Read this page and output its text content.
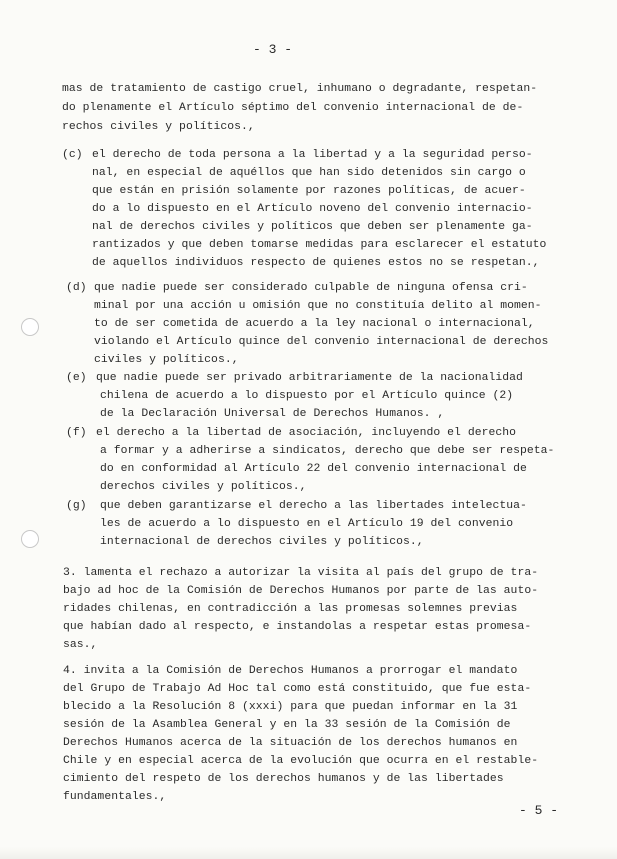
- 3 -
mas de tratamiento de castigo cruel, inhumano o degradante, respetan-
do plenamente el Artículo séptimo del convenio internacional de de-
rechos civiles y políticos.,
(c) el derecho de toda persona a la libertad y a la seguridad perso-
nal, en especial de aquéllos que han sido detenidos sin cargo o
que están en prisión solamente por razones políticas, de acuer-
do a lo dispuesto en el Artículo noveno del convenio internacio-
nal de derechos civiles y políticos que deben ser plenamente ga-
rantizados y que deben tomarse medidas para esclarecer el estatuto
de aquellos individuos respecto de quienes estos no se respetan.,
(d) que nadie puede ser considerado culpable de ninguna ofensa cri-
minal por una acción u omisión que no constituía delito al momen-
to de ser cometida de acuerdo a la ley nacional o internacional,
violando el Artículo quince del convenio internacional de derechos
civiles y políticos.,
(e) que nadie puede ser privado arbitrariamente de la nacionalidad
chilena de acuerdo a lo dispuesto por el Artículo quince (2)
de la Declaración Universal de Derechos Humanos. ,
(f) el derecho a la libertad de asociación, incluyendo el derecho
a formar y a adherirse a sindicatos, derecho que debe ser respeta-
do en conformidad al Artículo 22 del convenio internacional de
derechos civiles y políticos.,
(g) que deben garantizarse el derecho a las libertades intelectua-
les de acuerdo a lo dispuesto en el Artículo 19 del convenio
internacional de derechos civiles y políticos.,
3. lamenta el rechazo a autorizar la visita al país del grupo de tra-
bajo ad hoc de la Comisión de Derechos Humanos por parte de las auto-
ridades chilenas, en contradicción a las promesas solemnes previas
que habían dado al respecto, e instandolas a respetar estas promesa-
sas.,
4. invita a la Comisión de Derechos Humanos a prorrogar el mandato
del Grupo de Trabajo Ad Hoc tal como está constituido, que fue esta-
blecido a la Resolución 8 (xxxi) para que puedan informar en la 31
sesión de la Asamblea General y en la 33 sesión de la Comisión de
Derechos Humanos acerca de la situación de los derechos humanos en
Chile y en especial acerca de la evolución que ocurra en el restable-
cimiento del respeto de los derechos humanos y de las libertades
fundamentales.,
- 5 -
